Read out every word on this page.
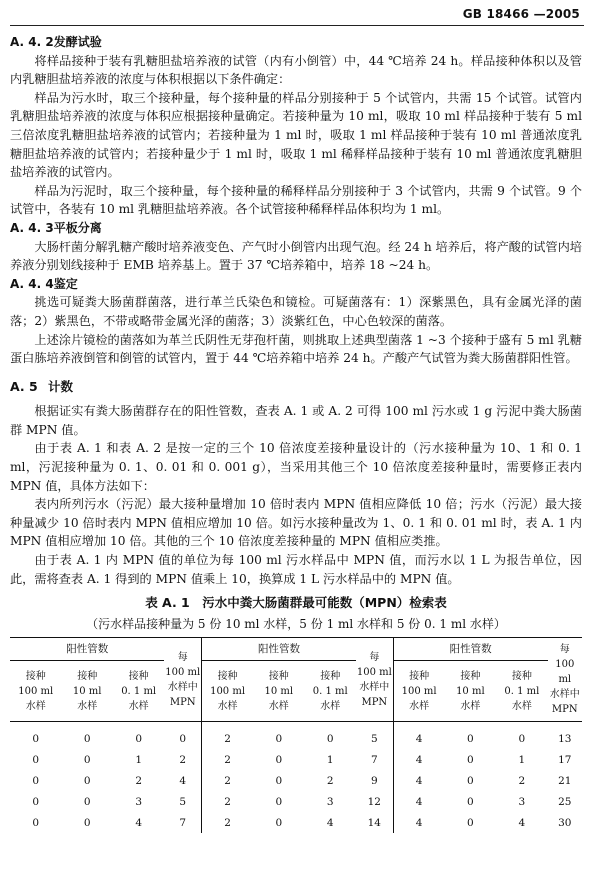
GB 18466 —2005
A. 4. 2发酵试验

将样品接种于装有乳糖胆盐培养液的试管（内有小倒管）中，44 ℃培养 24 h。样品接种体积以及管内乳糖胆盐培养液的浓度与体积根据以下条件确定：

样品为污水时，取三个接种量，每个接种量的样品分别接种于 5 个试管内，共需 15 个试管。试管内乳糖胆盐培养液的浓度与体积应根据接种量确定。若接种量为 10 ml，吸取 10 ml 样品接种于装有 5 ml 三倍浓度乳糖胆盐培养液的试管内；若接种量为 1 ml 时，吸取 1 ml 样品接种于装有 10 ml 普通浓度乳糖胆盐培养液的试管内；若接种量少于 1 ml 时，吸取 1 ml 稀释样品接种于装有 10 ml 普通浓度乳糖胆盐培养液的试管内。

样品为污泥时，取三个接种量，每个接种量的稀释样品分别接种于 3 个试管内，共需 9 个试管。9 个试管中，各装有 10 ml 乳糖胆盐培养液。各个试管接种稀释样品体积均为 1 ml。

A. 4. 3平板分离

大肠杆菌分解乳糖产酸时培养液变色、产气时小倒管内出现气泡。经 24 h 培养后，将产酸的试管内培养液分别划线接种于 EMB 培养基上。置于 37 ℃培养箱中，培养 18 ~24 h。

A. 4. 4鉴定

挑选可疑粪大肠菌群菌落，进行革兰氏染色和镜检。可疑菌落有：1）深紫黑色，具有金属光泽的菌落；2）紫黑色，不带或略带金属光泽的菌落；3）淡紫红色，中心色较深的菌落。

上述涂片镜检的菌落如为革兰氏阴性无芽孢杆菌，则挑取上述典型菌落 1 ~3 个接种于盛有 5 ml 乳糖蛋白胨培养液倒管和倒管的试管内，置于 44 ℃培养箱中培养 24 h。产酸产气试管为粪大肠菌群阳性管。

A. 5 计数

根据证实有粪大肠菌群存在的阳性管数，查表 A. 1 或 A. 2 可得 100 ml 污水或 1 g 污泥中粪大肠菌群 MPN 值。

由于表 A. 1 和表 A. 2 是按一定的三个 10 倍浓度差接种量设计的（污水接种量为 10、1 和 0. 1 ml，污泥接种量为 0. 1、0. 01 和 0. 001 g），当采用其他三个 10 倍浓度差接种量时，需要修正表内 MPN 值，具体方法如下：

表内所列污水（污泥）最大接种量增加 10 倍时表内 MPN 值相应降低 10 倍；污水（污泥）最大接种量减少 10 倍时表内 MPN 值相应增加 10 倍。如污水接种量改为 1、0. 1 和 0. 01 ml 时，表 A. 1 内 MPN 值相应增加 10 倍。其他的三个 10 倍浓度差接种量的 MPN 值相应类推。

由于表 A. 1 内 MPN 值的单位为每 100 ml 污水样品中 MPN 值，而污水以 1 L 为报告单位，因此，需将查表 A. 1 得到的 MPN 值乘上 10，换算成 1 L 污水样品中的 MPN 值。

表 A. 1　污水中粪大肠菌群最可能数（MPN）检索表
（污水样品接种量为 5 份 10 ml 水样，5 份 1 ml 水样和 5 份 0. 1 ml 水样）
阳性管数			每
100 ml
水样中
MPN	阳性管数			每
100 ml
水样中
MPN	阳性管数			每
100 ml
水样中
MPN
接种
100 ml
水样	接种
10 ml
水样	接种
0. 1 ml
水样		接种
100 ml
水样	接种
10 ml
水样	接种
0. 1 ml
水样		接种
100 ml
水样	接种
10 ml
水样	接种
0. 1 ml
水样	
0	0	0	0	2	0	0	5	4	0	0	13
0	0	1	2	2	0	1	7	4	0	1	17
0	0	2	4	2	0	2	9	4	0	2	21
0	0	3	5	2	0	3	12	4	0	3	25
0	0	4	7	2	0	4	14	4	0	4	30
